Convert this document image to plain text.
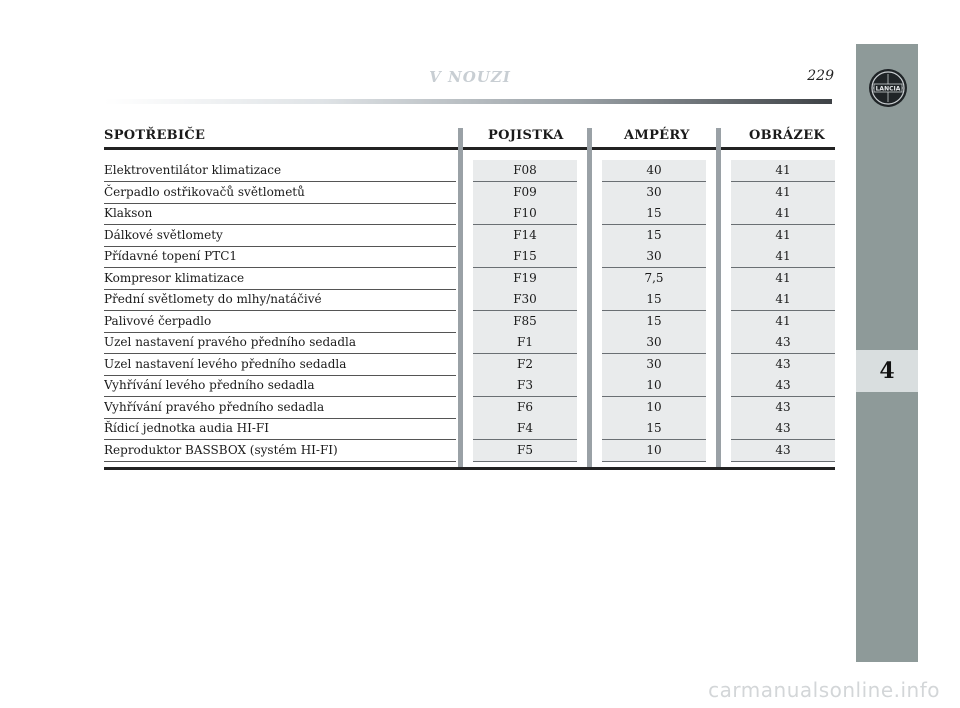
V NOUZI	229
LANCIA
4
SPOTŘEBIČE	POJISTKA	AMPÉRY	OBRÁZEK
Elektroventilátor klimatizace	F08	40	41
Čerpadlo ostřikovačů světlometů	F09	30	41
Klakson	F10	15	41
Dálkové světlomety	F14	15	41
Přídavné topení PTC1	F15	30	41
Kompresor klimatizace	F19	7,5	41
Přední světlomety do mlhy/natáčivé	F30	15	41
Palivové čerpadlo	F85	15	41
Uzel nastavení pravého předního sedadla	F1	30	43
Uzel nastavení levého předního sedadla	F2	30	43
Vyhřívání levého předního sedadla	F3	10	43
Vyhřívání pravého předního sedadla	F6	10	43
Řídicí jednotka audia HI-FI	F4	15	43
Reproduktor BASSBOX (systém HI-FI)	F5	10	43
carmanualsonline.info
